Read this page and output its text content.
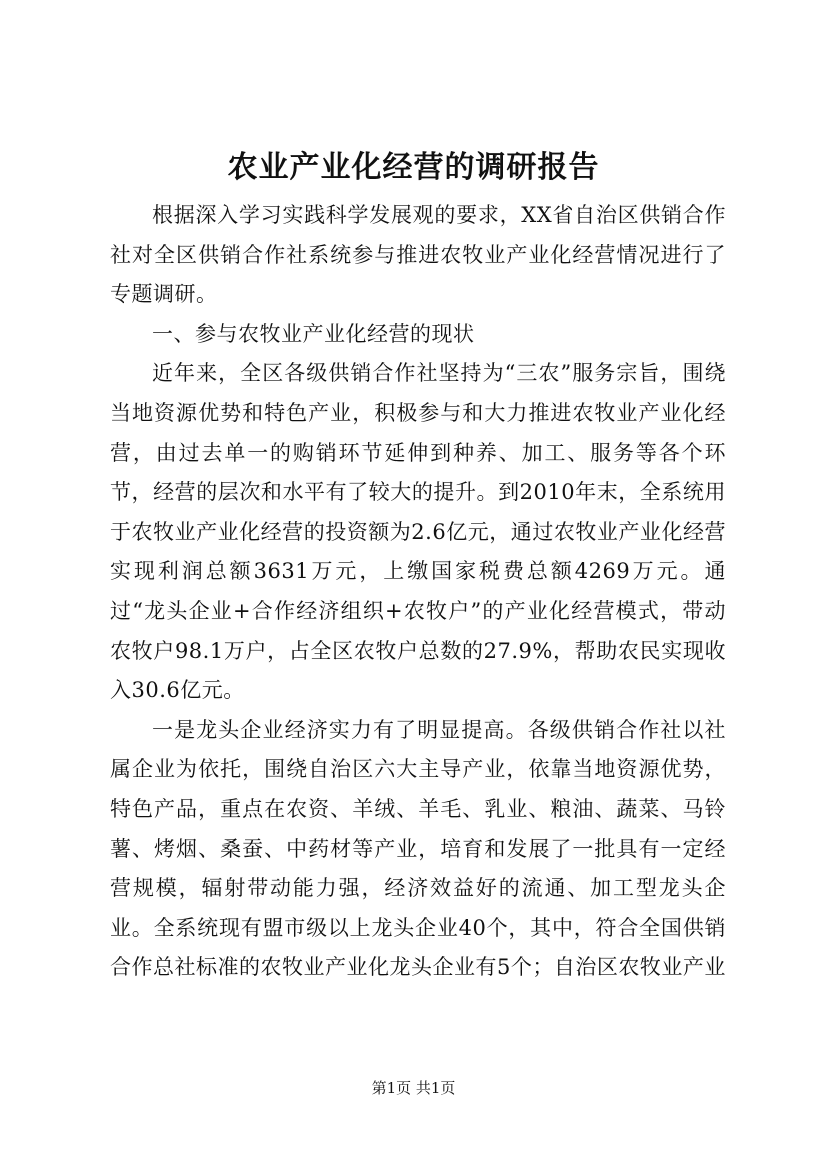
农业产业化经营的调研报告

根据深入学习实践科学发展观的要求，XX省自治区供销合作社对全区供销合作社系统参与推进农牧业产业化经营情况进行了专题调研。

一、参与农牧业产业化经营的现状

近年来，全区各级供销合作社坚持为“三农”服务宗旨，围绕当地资源优势和特色产业，积极参与和大力推进农牧业产业化经营，由过去单一的购销环节延伸到种养、加工、服务等各个环节，经营的层次和水平有了较大的提升。到2010年末，全系统用于农牧业产业化经营的投资额为2.6亿元，通过农牧业产业化经营实现利润总额3631万元，上缴国家税费总额4269万元。通过“龙头企业+合作经济组织+农牧户”的产业化经营模式，带动农牧户98.1万户，占全区农牧户总数的27.9%，帮助农民实现收入30.6亿元。

一是龙头企业经济实力有了明显提高。各级供销合作社以社属企业为依托，围绕自治区六大主导产业，依靠当地资源优势，特色产品，重点在农资、羊绒、羊毛、乳业、粮油、蔬菜、马铃薯、烤烟、桑蚕、中药材等产业，培育和发展了一批具有一定经营规模，辐射带动能力强，经济效益好的流通、加工型龙头企业。全系统现有盟市级以上龙头企业40个，其中，符合全国供销合作总社标准的农牧业产业化龙头企业有5个；自治区农牧业产业

第1页 共1页
